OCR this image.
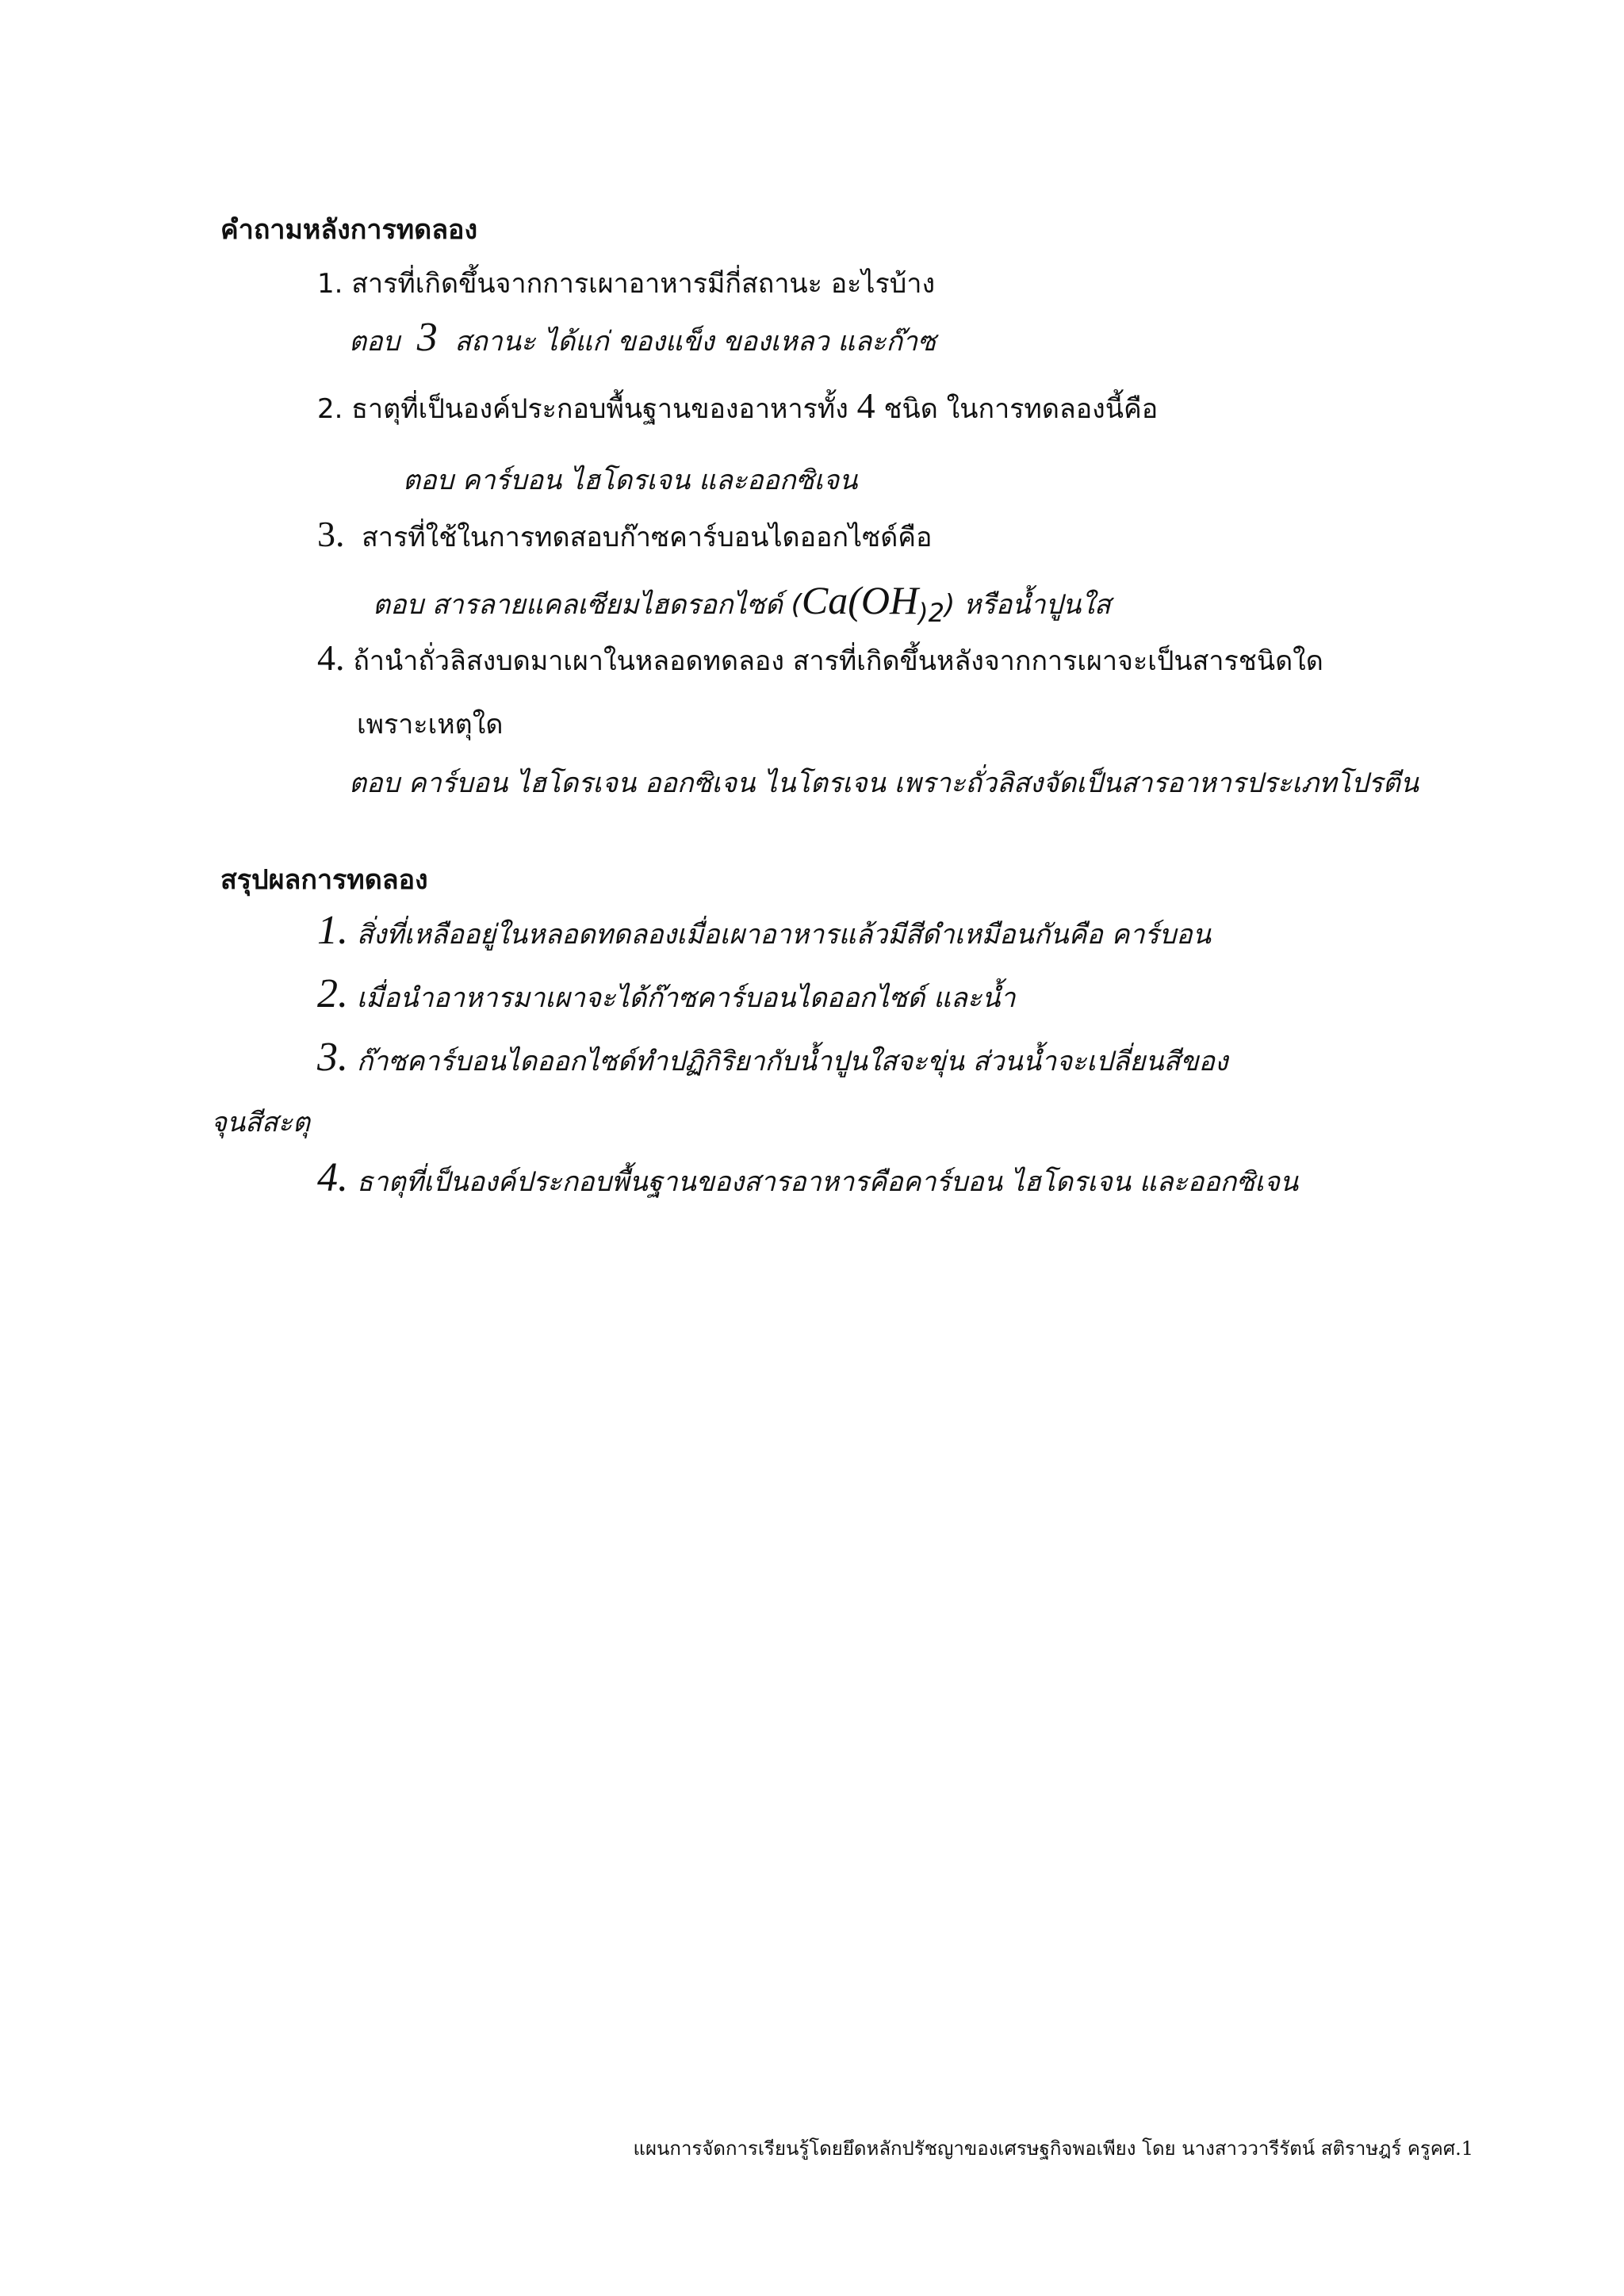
คำถามหลังการทดลอง
1. สารที่เกิดขึ้นจากการเผาอาหารมีกี่สถานะ อะไรบ้าง
ตอบ 3 สถานะ ได้แก่ ของแข็ง ของเหลว และก๊าซ
2. ธาตุที่เป็นองค์ประกอบพื้นฐานของอาหารทั้ง 4 ชนิด ในการทดลองนี้คือ
ตอบ คาร์บอน ไฮโดรเจน และออกซิเจน
3. สารที่ใช้ในการทดสอบก๊าซคาร์บอนไดออกไซด์คือ
ตอบ สารลายแคลเซียมไฮดรอกไซด์ (Ca(OH)2) หรือน้ำปูนใส
4. ถ้านำถั่วลิสงบดมาเผาในหลอดทดลอง สารที่เกิดขึ้นหลังจากการเผาจะเป็นสารชนิดใด
เพราะเหตุใด
ตอบ คาร์บอน ไฮโดรเจน ออกซิเจน ไนโตรเจน เพราะถั่วลิสงจัดเป็นสารอาหารประเภทโปรตีน
สรุปผลการทดลอง
1. สิ่งที่เหลืออยู่ในหลอดทดลองเมื่อเผาอาหารแล้วมีสีดำเหมือนกันคือ คาร์บอน
2. เมื่อนำอาหารมาเผาจะได้ก๊าซคาร์บอนไดออกไซด์ และน้ำ
3. ก๊าซคาร์บอนไดออกไซด์ทำปฏิกิริยากับน้ำปูนใสจะขุ่น ส่วนน้ำจะเปลี่ยนสีของ
จุนสีสะตุ
4. ธาตุที่เป็นองค์ประกอบพื้นฐานของสารอาหารคือคาร์บอน ไฮโดรเจน และออกซิเจน
แผนการจัดการเรียนรู้โดยยึดหลักปรัชญาของเศรษฐกิจพอเพียง โดย นางสาววารีรัตน์ สติราษฎร์ ครูคศ.1
